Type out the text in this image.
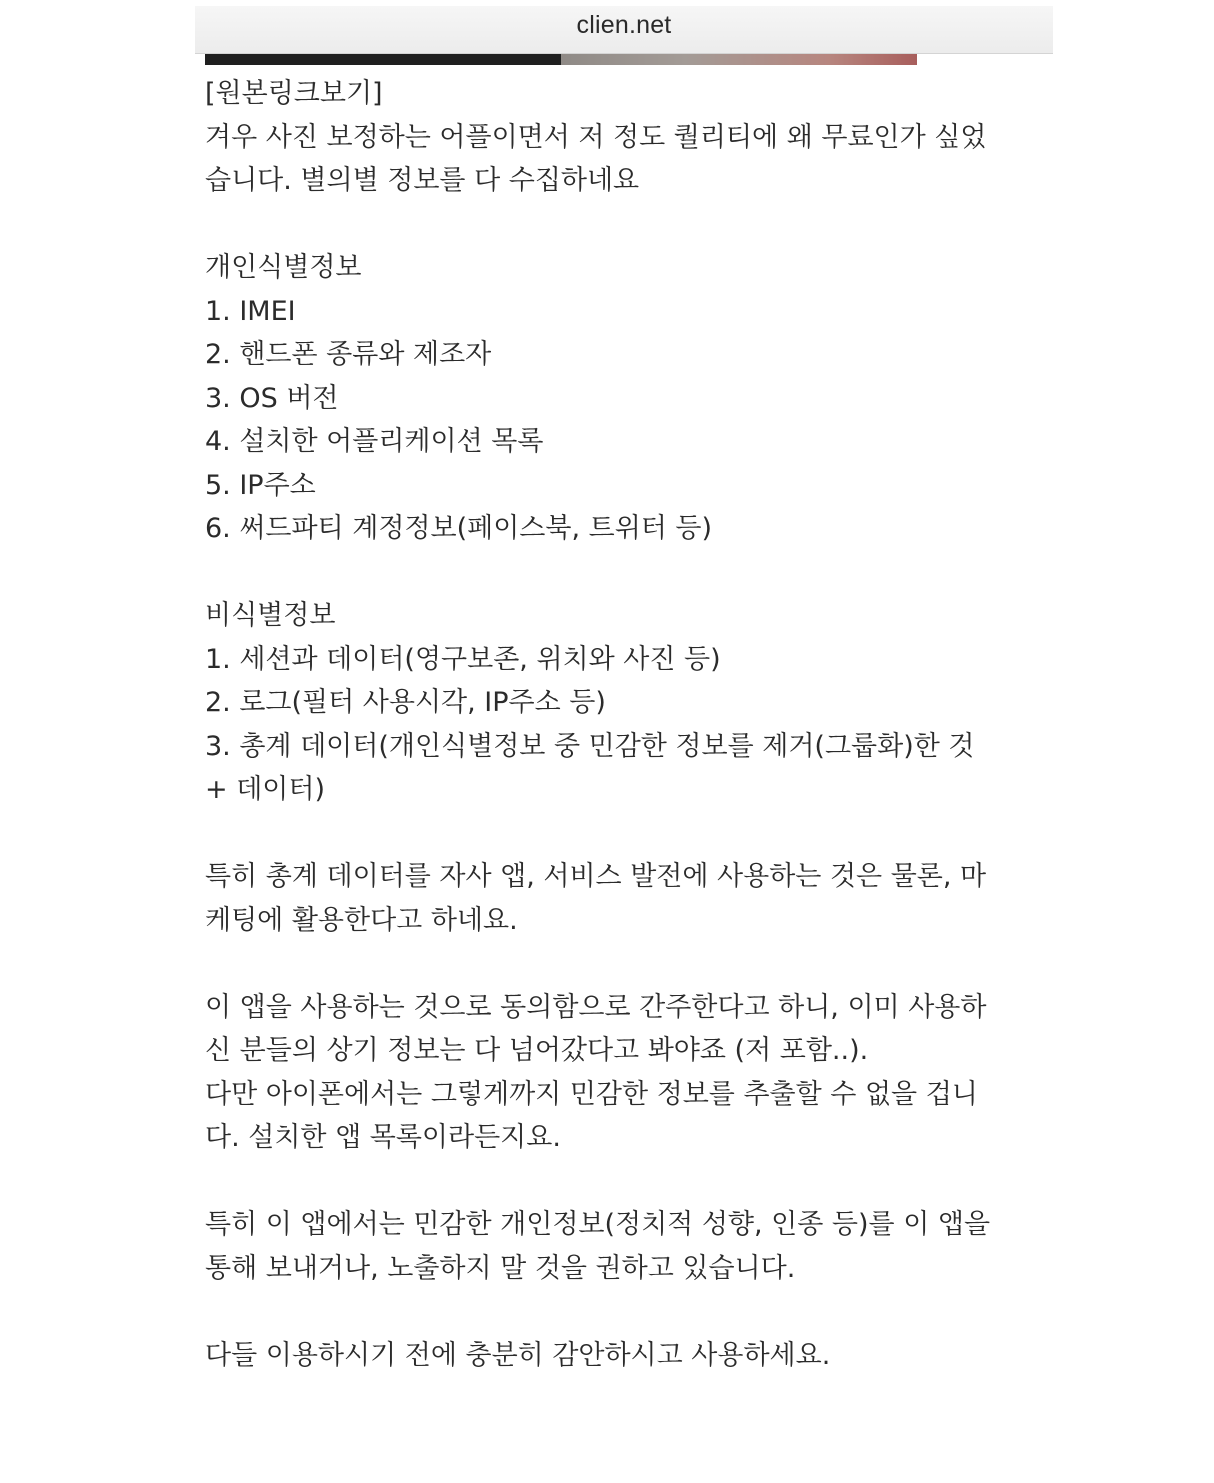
clien.net
[원본링크보기]
겨우 사진 보정하는 어플이면서 저 정도 퀄리티에 왜 무료인가 싶었
습니다. 별의별 정보를 다 수집하네요
개인식별정보
1. IMEI
2. 핸드폰 종류와 제조자
3. OS 버전
4. 설치한 어플리케이션 목록
5. IP주소
6. 써드파티 계정정보(페이스북, 트위터 등)
비식별정보
1. 세션과 데이터(영구보존, 위치와 사진 등)
2. 로그(필터 사용시각, IP주소 등)
3. 총계 데이터(개인식별정보 중 민감한 정보를 제거(그룹화)한 것
+ 데이터)
특히 총계 데이터를 자사 앱, 서비스 발전에 사용하는 것은 물론, 마
케팅에 활용한다고 하네요.
이 앱을 사용하는 것으로 동의함으로 간주한다고 하니, 이미 사용하
신 분들의 상기 정보는 다 넘어갔다고 봐야죠 (저 포함..).
다만 아이폰에서는 그렇게까지 민감한 정보를 추출할 수 없을 겁니
다. 설치한 앱 목록이라든지요.
특히 이 앱에서는 민감한 개인정보(정치적 성향, 인종 등)를 이 앱을
통해 보내거나, 노출하지 말 것을 권하고 있습니다.
다들 이용하시기 전에 충분히 감안하시고 사용하세요.
